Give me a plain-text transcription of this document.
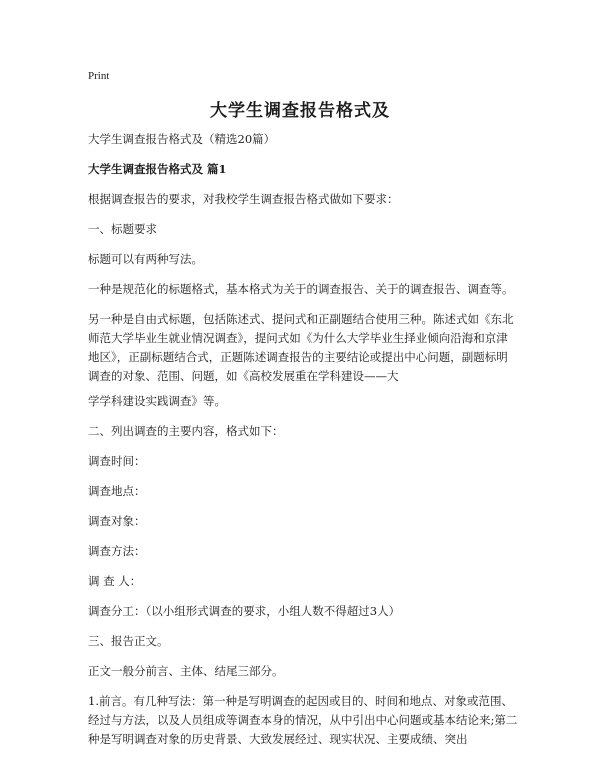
Print
大学生调查报告格式及

大学生调查报告格式及（精选20篇）

大学生调查报告格式及 篇1

根据调查报告的要求，对我校学生调查报告格式做如下要求：

一、标题要求

标题可以有两种写法。

一种是规范化的标题格式，基本格式为关于的调查报告、关于的调查报告、调查等。

另一种是自由式标题，包括陈述式、提问式和正副题结合使用三种。陈述式如《东北师范大学毕业生就业情况调查》，提问式如《为什么大学毕业生择业倾向沿海和京津地区》，正副标题结合式，正题陈述调查报告的主要结论或提出中心问题，副题标明调查的对象、范围、问题，如《高校发展重在学科建设——大

学学科建设实践调查》等。

二、列出调查的主要内容，格式如下：

调查时间：

调查地点：

调查对象：

调查方法：

调 查 人：

调查分工：（以小组形式调查的要求，小组人数不得超过3人）

三、报告正文。

正文一般分前言、主体、结尾三部分。

1.前言。有几种写法：第一种是写明调查的起因或目的、时间和地点、对象或范围、经过与方法，以及人员组成等调查本身的情况，从中引出中心问题或基本结论来;第二种是写明调查对象的历史背景、大致发展经过、现实状况、主要成绩、突出
